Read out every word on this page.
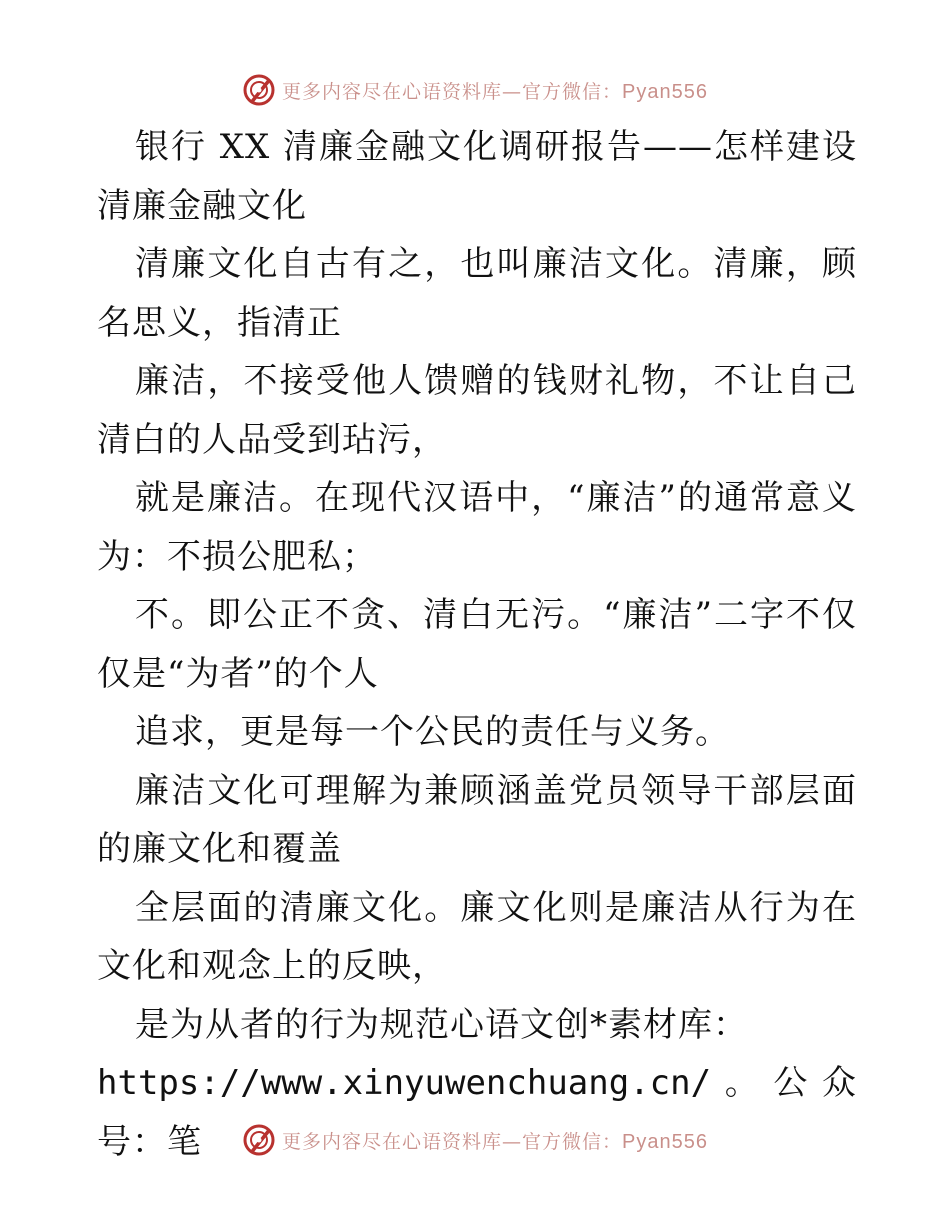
更多内容尽在心语资料库—官方微信：Pyan556

银行 XX 清廉金融文化调研报告——怎样建设清廉金融文化

清廉文化自古有之，也叫廉洁文化。清廉，顾名思义，指清正

廉洁，不接受他人馈赠的钱财礼物，不让自己清白的人品受到玷污，

就是廉洁。在现代汉语中，“廉洁”的通常意义为：不损公肥私；

不。即公正不贪、清白无污。“廉洁”二字不仅仅是“为者”的个人

追求，更是每一个公民的责任与义务。

廉洁文化可理解为兼顾涵盖党员领导干部层面的廉文化和覆盖

全层面的清廉文化。廉文化则是廉洁从行为在文化和观念上的反映，

是为从者的行为规范心语文创*素材库：
https://www.xinyuwenchuang.cn/。公众号：笔	更多内容尽在心语资料库—官方微信：Pyan556
